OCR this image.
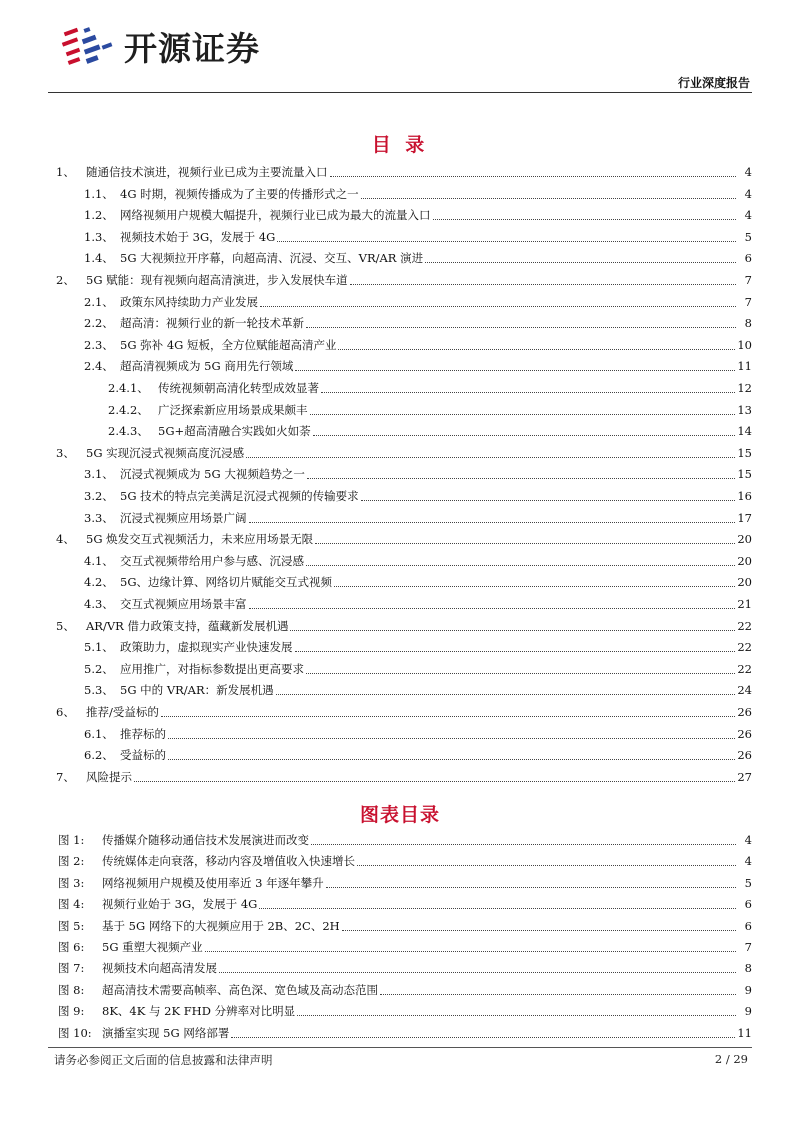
开源证券
行业深度报告
目 录
1、 随通信技术演进，视频行业已成为主要流量入口	4
1.1、 4G 时期，视频传播成为了主要的传播形式之一	4
1.2、 网络视频用户规模大幅提升，视频行业已成为最大的流量入口	4
1.3、 视频技术始于 3G，发展于 4G	5
1.4、 5G 大视频拉开序幕，向超高清、沉浸、交互、VR/AR 演进	6
2、 5G 赋能：现有视频向超高清演进，步入发展快车道	7
2.1、 政策东风持续助力产业发展	7
2.2、 超高清：视频行业的新一轮技术革新	8
2.3、 5G 弥补 4G 短板，全方位赋能超高清产业	10
2.4、 超高清视频成为 5G 商用先行领域	11
2.4.1、 传统视频朝高清化转型成效显著	12
2.4.2、 广泛探索新应用场景成果颇丰	13
2.4.3、 5G+超高清融合实践如火如荼	14
3、 5G 实现沉浸式视频高度沉浸感	15
3.1、 沉浸式视频成为 5G 大视频趋势之一	15
3.2、 5G 技术的特点完美满足沉浸式视频的传输要求	16
3.3、 沉浸式视频应用场景广阔	17
4、 5G 焕发交互式视频活力，未来应用场景无限	20
4.1、 交互式视频带给用户参与感、沉浸感	20
4.2、 5G、边缘计算、网络切片赋能交互式视频	20
4.3、 交互式视频应用场景丰富	21
5、 AR/VR 借力政策支持，蕴藏新发展机遇	22
5.1、 政策助力，虚拟现实产业快速发展	22
5.2、 应用推广，对指标参数提出更高要求	22
5.3、 5G 中的 VR/AR：新发展机遇	24
6、 推荐/受益标的	26
6.1、 推荐标的	26
6.2、 受益标的	26
7、 风险提示	27
图表目录
图 1:	传播媒介随移动通信技术发展演进而改变	4
图 2:	传统媒体走向衰落，移动内容及增值收入快速增长	4
图 3:	网络视频用户规模及使用率近 3 年逐年攀升	5
图 4:	视频行业始于 3G，发展于 4G	6
图 5:	基于 5G 网络下的大视频应用于 2B、2C、2H	6
图 6:	5G 重塑大视频产业	7
图 7:	视频技术向超高清发展	8
图 8:	超高清技术需要高帧率、高色深、宽色域及高动态范围	9
图 9:	8K、4K 与 2K FHD 分辨率对比明显	9
图 10: 演播室实现 5G 网络部署	11
请务必参阅正文后面的信息披露和法律声明	2 / 29
